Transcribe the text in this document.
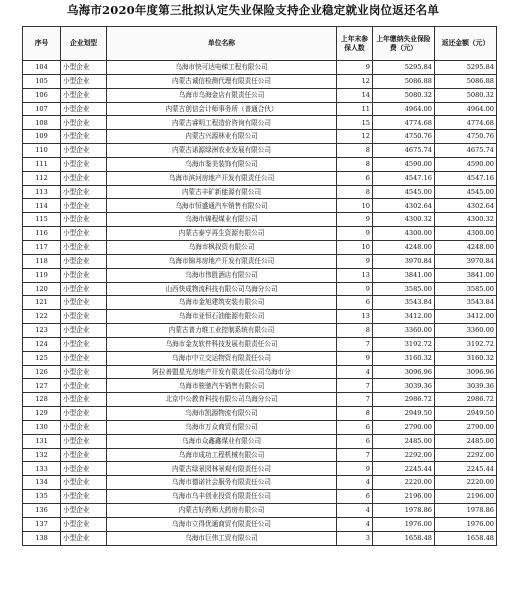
乌海市2020年度第三批拟认定失业保险支持企业稳定就业岗位返还名单
序号	企业划型	单位名称	上年末参保人数	上年缴纳失业保险费（元）	返还金额（元）
104	小型企业	乌海市快可达电梯工程有限公司	9	5295.84	5295.84
105	小型企业	内蒙古诚信检测代理有限责任公司	12	5086.88	5086.88
106	小型企业	乌海市乌海金店有限责任公司	14	5080.32	5080.32
107	小型企业	内蒙古创信会计师事务所（普通合伙）	11	4964.00	4964.00
108	小型企业	内蒙古睿明工程造价咨询有限公司	15	4774.68	4774.68
109	小型企业	内蒙古兴源林业有限公司	12	4750.76	4750.76
110	小型企业	内蒙古诺源绿洲农业发展有限公司	8	4675.74	4675.74
111	小型企业	乌海市鉴美装饰有限公司	8	4590.00	4590.00
112	小型企业	乌海市滨河房地产开发有限责任公司	6	4547.16	4547.16
113	小型企业	内蒙古丰矿新能源有限公司	8	4545.00	4545.00
114	小型企业	乌海市恒盛通汽车销售有限公司	10	4302.64	4302.64
115	小型企业	乌海市锦程煤业有限公司	9	4300.32	4300.32
116	小型企业	内蒙古泰亨再生资源有限公司	9	4300.00	4300.00
117	小型企业	乌海市枫叔资有限公司	10	4248.00	4248.00
118	小型企业	乌海市锦邦房地产开发有限责任公司	9	3970.84	3970.84
119	小型企业	乌海市伟胜酒店有限公司	13	3841.00	3841.00
120	小型企业	山西快成物流科技有限公司乌海分公司	9	3585.00	3585.00
121	小型企业	乌海市金旭建筑安装有限公司	6	3543.84	3543.84
122	小型企业	乌海市亚恒石油能源有限公司	13	3412.00	3412.00
123	小型企业	内蒙古普力维工业控制系统有限公司	8	3360.00	3360.00
124	小型企业	乌海市金友软件科技发展有限责任公司	7	3192.72	3192.72
125	小型企业	乌海市中立交运物资有限责任公司	9	3160.32	3160.32
126	小型企业	阿拉善盟星光房地产开发有限责任公司乌海市分	4	3096.96	3096.96
127	小型企业	乌海市骏驰汽车销售有限公司	7	3039.36	3039.36
128	小型企业	北京中公教育科技有限公司乌海分公司	7	2986.72	2986.72
129	小型企业	乌海市凯源物流有限公司	8	2949.50	2949.50
130	小型企业	乌海市万众商贸有限公司	6	2790.00	2790.00
131	小型企业	乌海市众鑫鑫煤业有限公司	6	2485.00	2485.00
132	小型企业	乌海市成功工程机械有限公司	7	2292.00	2292.00
133	小型企业	内蒙古绿景园林景观有限责任公司	9	2245.44	2245.44
134	小型企业	乌海市德诺社会服务有限责任公司	4	2220.00	2220.00
135	小型企业	乌海市乌丰创业投资有限责任公司	6	2196.00	2196.00
136	小型企业	内蒙古好药师大药房有限公司	4	1978.86	1978.86
137	小型企业	乌海市立得优通商贸有限责任公司	4	1976.00	1976.00
138	小型企业	乌海市巨伟工贸有限公司	3	1658.48	1658.48
